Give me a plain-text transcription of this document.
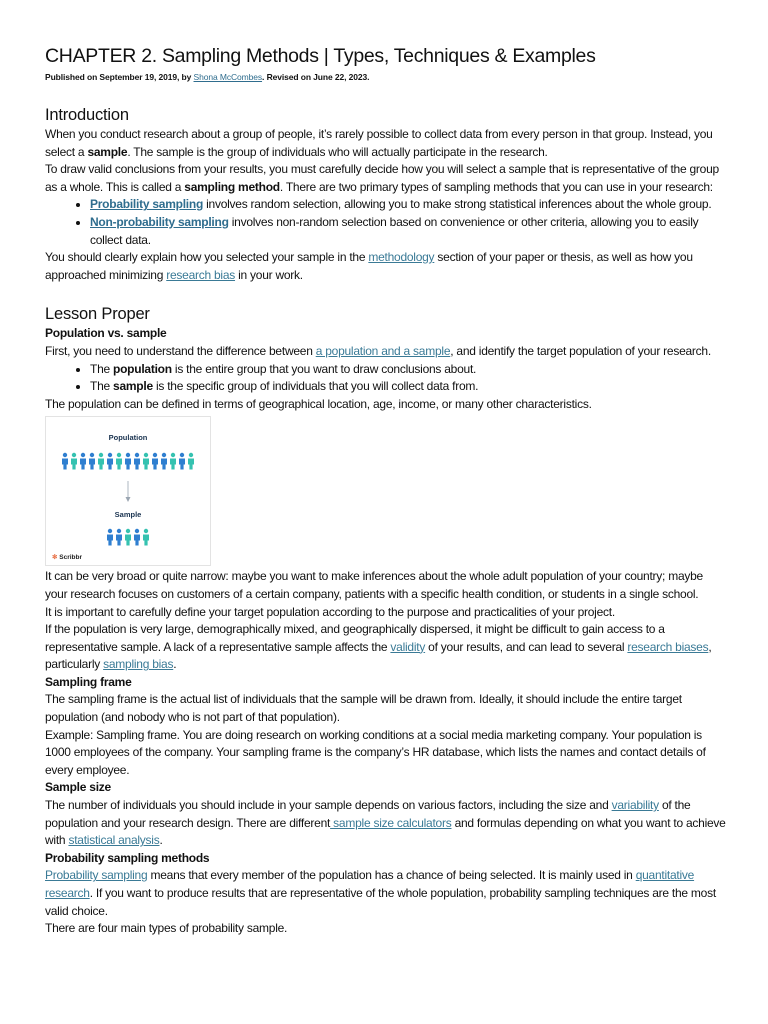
CHAPTER 2. Sampling Methods | Types, Techniques & Examples
Published on September 19, 2019, by Shona McCombes. Revised on June 22, 2023.
Introduction

When you conduct research about a group of people, it’s rarely possible to collect data from every person in that group. Instead, you select a sample. The sample is the group of individuals who will actually participate in the research.

To draw valid conclusions from your results, you must carefully decide how you will select a sample that is representative of the group as a whole. This is called a sampling method. There are two primary types of sampling methods that you can use in your research:

• Probability sampling involves random selection, allowing you to make strong statistical inferences about the whole group.
• Non-probability sampling involves non-random selection based on convenience or other criteria, allowing you to easily collect data.

You should clearly explain how you selected your sample in the methodology section of your paper or thesis, as well as how you approached minimizing research bias in your work.

Lesson Proper
Population vs. sample

First, you need to understand the difference between a population and a sample, and identify the target population of your research.

• The population is the entire group that you want to draw conclusions about.
• The sample is the specific group of individuals that you will collect data from.

The population can be defined in terms of geographical location, age, income, or many other characteristics.

Population
Sample
✻ Scribbr

It can be very broad or quite narrow: maybe you want to make inferences about the whole adult population of your country; maybe your research focuses on customers of a certain company, patients with a specific health condition, or students in a single school.

It is important to carefully define your target population according to the purpose and practicalities of your project.

If the population is very large, demographically mixed, and geographically dispersed, it might be difficult to gain access to a representative sample. A lack of a representative sample affects the validity of your results, and can lead to several research biases, particularly sampling bias.

Sampling frame

The sampling frame is the actual list of individuals that the sample will be drawn from. Ideally, it should include the entire target population (and nobody who is not part of that population).

Example: Sampling frame. You are doing research on working conditions at a social media marketing company. Your population is 1000 employees of the company. Your sampling frame is the company’s HR database, which lists the names and contact details of every employee.

Sample size

The number of individuals you should include in your sample depends on various factors, including the size and variability of the population and your research design. There are different sample size calculators and formulas depending on what you want to achieve with statistical analysis.

Probability sampling methods

Probability sampling means that every member of the population has a chance of being selected. It is mainly used in quantitative research. If you want to produce results that are representative of the whole population, probability sampling techniques are the most valid choice.

There are four main types of probability sample.
